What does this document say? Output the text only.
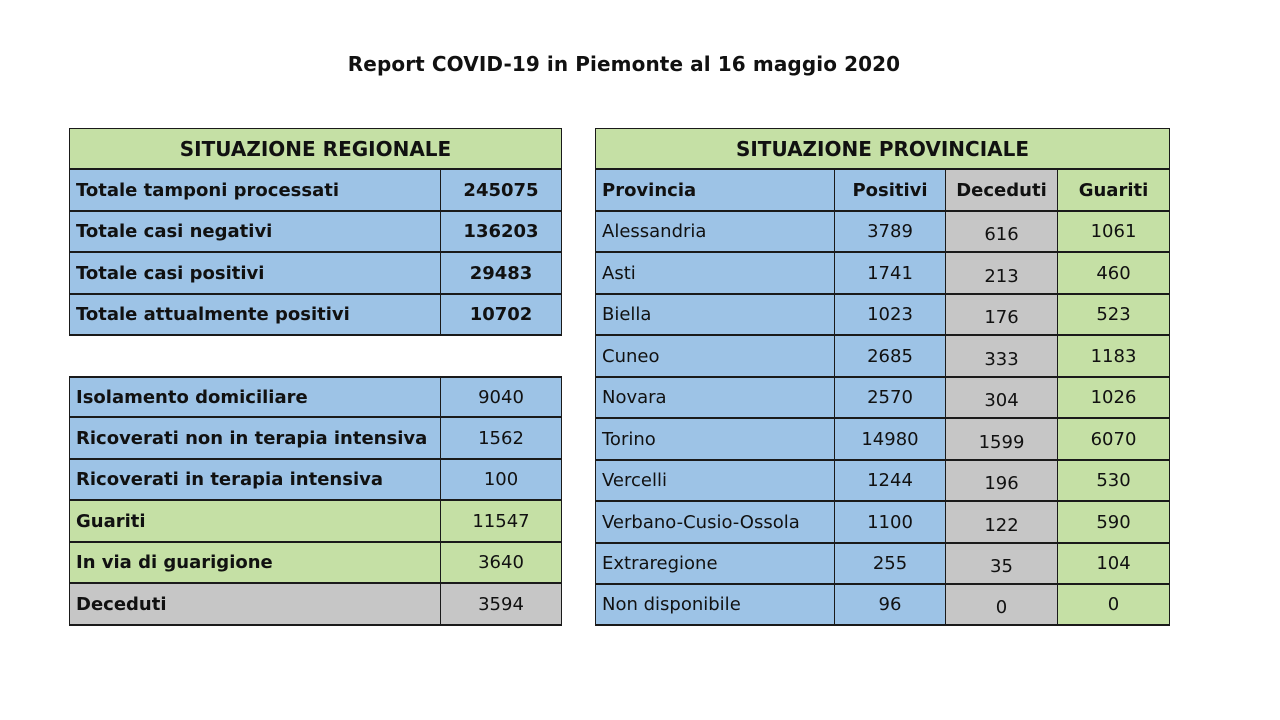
Report COVID-19 in Piemonte al 16 maggio 2020
SITUAZIONE REGIONALE
Totale tamponi processati	245075
Totale casi negativi	136203
Totale casi positivi	29483
Totale attualmente positivi	10702
Isolamento domiciliare	9040
Ricoverati non in terapia intensiva	1562
Ricoverati in terapia intensiva	100
Guariti	11547
In via di guarigione	3640
Deceduti	3594
SITUAZIONE PROVINCIALE
Provincia	Positivi	Deceduti	Guariti
Alessandria	3789	616	1061
Asti	1741	213	460
Biella	1023	176	523
Cuneo	2685	333	1183
Novara	2570	304	1026
Torino	14980	1599	6070
Vercelli	1244	196	530
Verbano-Cusio-Ossola	1100	122	590
Extraregione	255	35	104
Non disponibile	96	0	0
